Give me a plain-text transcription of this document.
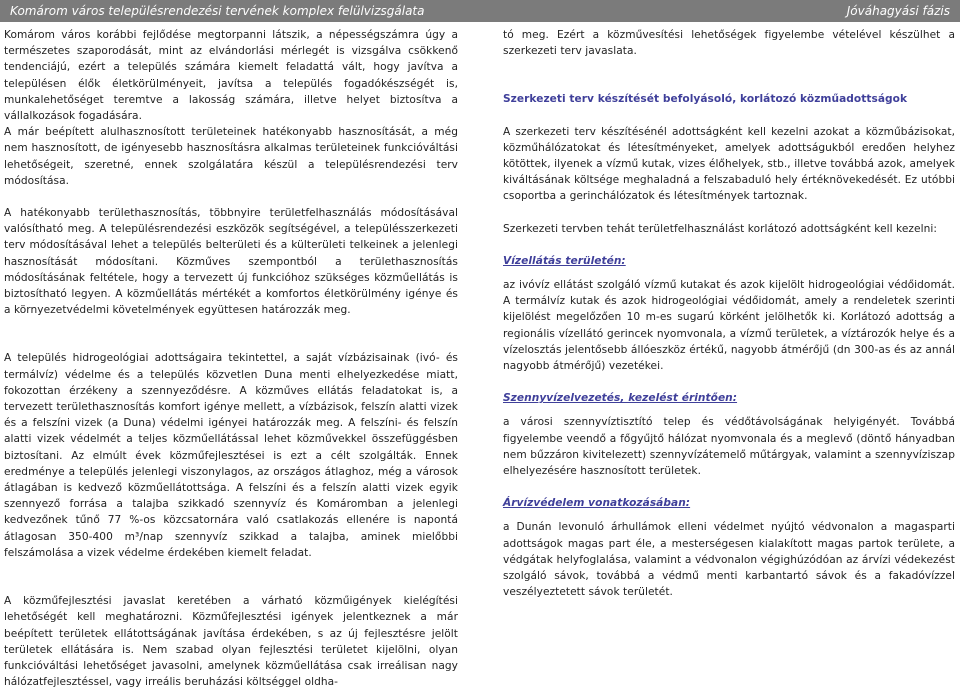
Komárom város településrendezési tervének komplex felülvizsgálata	Jóváhagyási fázis

Komárom város korábbi fejlődése megtorpanni látszik, a népességszámra úgy a természetes szaporodását, mint az elvándorlási mérlegét is vizsgálva csökkenő tendenciájú, ezért a település számára kiemelt feladattá vált, hogy javítva a településen élők életkörülményeit, javítsa a település fogadókészségét is, munkalehetőséget teremtve a lakosság számára, illetve helyet biztosítva a vállalkozások fogadására.

A már beépített alulhasznosított területeinek hatékonyabb hasznosítását, a még nem hasznosított, de igényesebb hasznosításra alkalmas területeinek funkcióváltási lehetőségeit, szeretné, ennek szolgálatára készül a településrendezési terv módosítása.

A hatékonyabb területhasznosítás, többnyire területfelhasználás módosításával valósítható meg. A településrendezési eszközök segítségével, a településszerkezeti terv módosításával lehet a település belterületi és a külterületi telkeinek a jelenlegi hasznosítását módosítani. Közműves szempontból a területhasznosítás módosításának feltétele, hogy a tervezett új funkcióhoz szükséges közműellátás is biztosítható legyen. A közműellátás mértékét a komfortos életkörülmény igénye és a környezetvédelmi követelmények együttesen határozzák meg.

A település hidrogeológiai adottságaira tekintettel, a saját vízbázisainak (ivó- és termálvíz) védelme és a település közvetlen Duna menti elhelyezkedése miatt, fokozottan érzékeny a szennyeződésre. A közműves ellátás feladatokat is, a tervezett területhasznosítás komfort igénye mellett, a vízbázisok, felszín alatti vizek és a felszíni vizek (a Duna) védelmi igényei határozzák meg. A felszíni- és felszín alatti vizek védelmét a teljes közműellátással lehet közművekkel összefüggésben biztosítani. Az elmúlt évek közműfejlesztései is ezt a célt szolgálták. Ennek eredménye a település jelenlegi viszonylagos, az országos átlaghoz, még a városok átlagában is kedvező közműellátottsága. A felszíni és a felszín alatti vizek egyik szennyező forrása a talajba szikkadó szennyvíz és Komáromban a jelenlegi kedvezőnek tűnő 77 %-os közcsatornára való csatlakozás ellenére is napontá átlagosan 350-400 m³/nap szennyvíz szikkad a talajba, aminek mielőbbi felszámolása a vizek védelme érdekében kiemelt feladat.

A közműfejlesztési javaslat keretében a várható közműigények kielégítési lehetőségét kell meghatározni. Közműfejlesztési igények jelentkeznek a már beépített területek ellátottságának javítása érdekében, s az új fejlesztésre jelölt területek ellátására is. Nem szabad olyan fejlesztési területet kijelölni, olyan funkcióváltási lehetőséget javasolni, amelynek közműellátása csak irreálisan nagy hálózatfejlesztéssel, vagy irreális beruházási költséggel oldha-

tó meg. Ezért a közművesítési lehetőségek figyelembe vételével készülhet a szerkezeti terv javaslata.

Szerkezeti terv készítését befolyásoló, korlátozó közműadottságok

A szerkezeti terv készítésénél adottságként kell kezelni azokat a közműbázisokat, közműhálózatokat és létesítményeket, amelyek adottságukból eredően helyhez kötöttek, ilyenek a vízmű kutak, vizes élőhelyek, stb., illetve továbbá azok, amelyek kiváltásának költsége meghaladná a felszabaduló hely értéknövekedését. Ez utóbbi csoportba a gerinchálózatok és létesítmények tartoznak.

Szerkezeti tervben tehát területfelhasználást korlátozó adottságként kell kezelni:

Vízellátás területén:

az ivóvíz ellátást szolgáló vízmű kutakat és azok kijelölt hidrogeológiai védőidomát. A termálvíz kutak és azok hidrogeológiai védőidomát, amely a rendeletek szerinti kijelölést megelőzően 10 m-es sugarú körként jelölhetők ki. Korlátozó adottság a regionális vízellátó gerincek nyomvonala, a vízmű területek, a víztározók helye és a vízelosztás jelentősebb állóeszköz értékű, nagyobb átmérőjű (dn 300-as és az annál nagyobb átmérőjű) vezetékei.

Szennyvízelvezetés, kezelést érintően:

a városi szennyvíztisztító telep és védőtávolságának helyigényét. Továbbá figyelembe veendő a főgyűjtő hálózat nyomvonala és a meglevő (döntő hányadban nem bűzzáron kivitelezett) szennyvízátemelő műtárgyak, valamint a szennyvíziszap elhelyezésére hasznosított területek.

Árvízvédelem vonatkozásában:

a Dunán levonuló árhullámok elleni védelmet nyújtó védvonalon a magasparti adottságok magas part éle, a mesterségesen kialakított magas partok területe, a védgátak helyfoglalása, valamint a védvonalon végighúzódóan az árvízi védekezést szolgáló sávok, továbbá a védmű menti karbantartó sávok és a fakadóvízzel veszélyeztetett sávok területét.
